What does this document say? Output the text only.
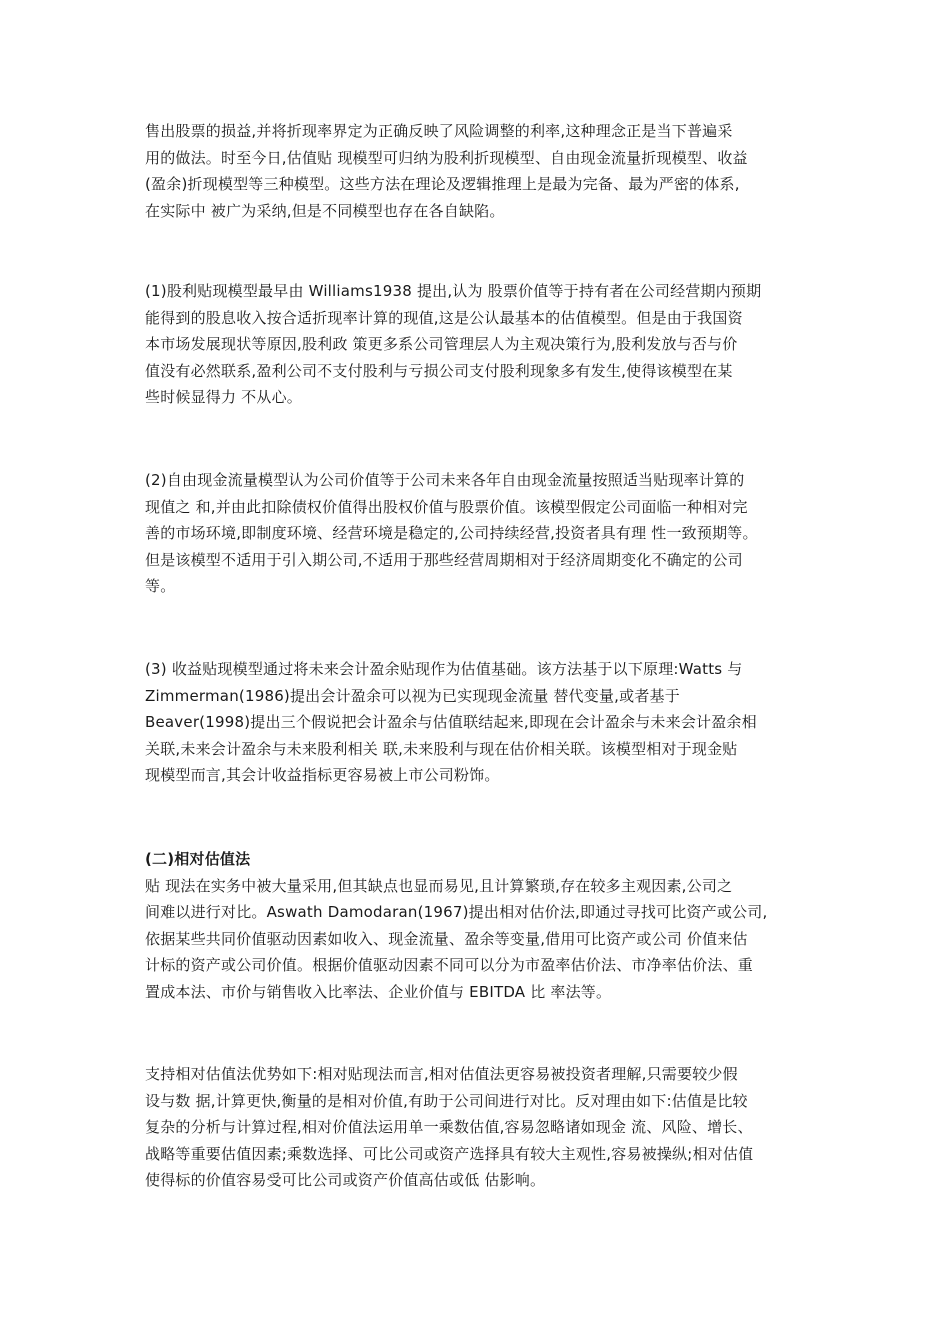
售出股票的损益,并将折现率界定为正确反映了风险调整的利率,这种理念正是当下普遍采
用的做法。时至今日,估值贴 现模型可归纳为股利折现模型、自由现金流量折现模型、收益
(盈余)折现模型等三种模型。这些方法在理论及逻辑推理上是最为完备、最为严密的体系,
在实际中 被广为采纳,但是不同模型也存在各自缺陷。
(1)股利贴现模型最早由 Williams1938 提出,认为 股票价值等于持有者在公司经营期内预期
能得到的股息收入按合适折现率计算的现值,这是公认最基本的估值模型。但是由于我国资
本市场发展现状等原因,股利政 策更多系公司管理层人为主观决策行为,股利发放与否与价
值没有必然联系,盈利公司不支付股利与亏损公司支付股利现象多有发生,使得该模型在某
些时候显得力 不从心。
(2)自由现金流量模型认为公司价值等于公司未来各年自由现金流量按照适当贴现率计算的
现值之 和,并由此扣除债权价值得出股权价值与股票价值。该模型假定公司面临一种相对完
善的市场环境,即制度环境、经营环境是稳定的,公司持续经营,投资者具有理 性一致预期等。
但是该模型不适用于引入期公司,不适用于那些经营周期相对于经济周期变化不确定的公司
等。
(3) 收益贴现模型通过将未来会计盈余贴现作为估值基础。该方法基于以下原理:Watts 与
Zimmerman(1986)提出会计盈余可以视为已实现现金流量 替代变量,或者基于
Beaver(1998)提出三个假说把会计盈余与估值联结起来,即现在会计盈余与未来会计盈余相
关联,未来会计盈余与未来股利相关 联,未来股利与现在估价相关联。该模型相对于现金贴
现模型而言,其会计收益指标更容易被上市公司粉饰。
(二)相对估值法
贴 现法在实务中被大量采用,但其缺点也显而易见,且计算繁琐,存在较多主观因素,公司之
间难以进行对比。Aswath Damodaran(1967)提出相对估价法,即通过寻找可比资产或公司,
依据某些共同价值驱动因素如收入、现金流量、盈余等变量,借用可比资产或公司 价值来估
计标的资产或公司价值。根据价值驱动因素不同可以分为市盈率估价法、市净率估价法、重
置成本法、市价与销售收入比率法、企业价值与 EBITDA 比 率法等。
支持相对估值法优势如下:相对贴现法而言,相对估值法更容易被投资者理解,只需要较少假
设与数 据,计算更快,衡量的是相对价值,有助于公司间进行对比。反对理由如下:估值是比较
复杂的分析与计算过程,相对价值法运用单一乘数估值,容易忽略诸如现金 流、风险、增长、
战略等重要估值因素;乘数选择、可比公司或资产选择具有较大主观性,容易被操纵;相对估值
使得标的价值容易受可比公司或资产价值高估或低 估影响。
